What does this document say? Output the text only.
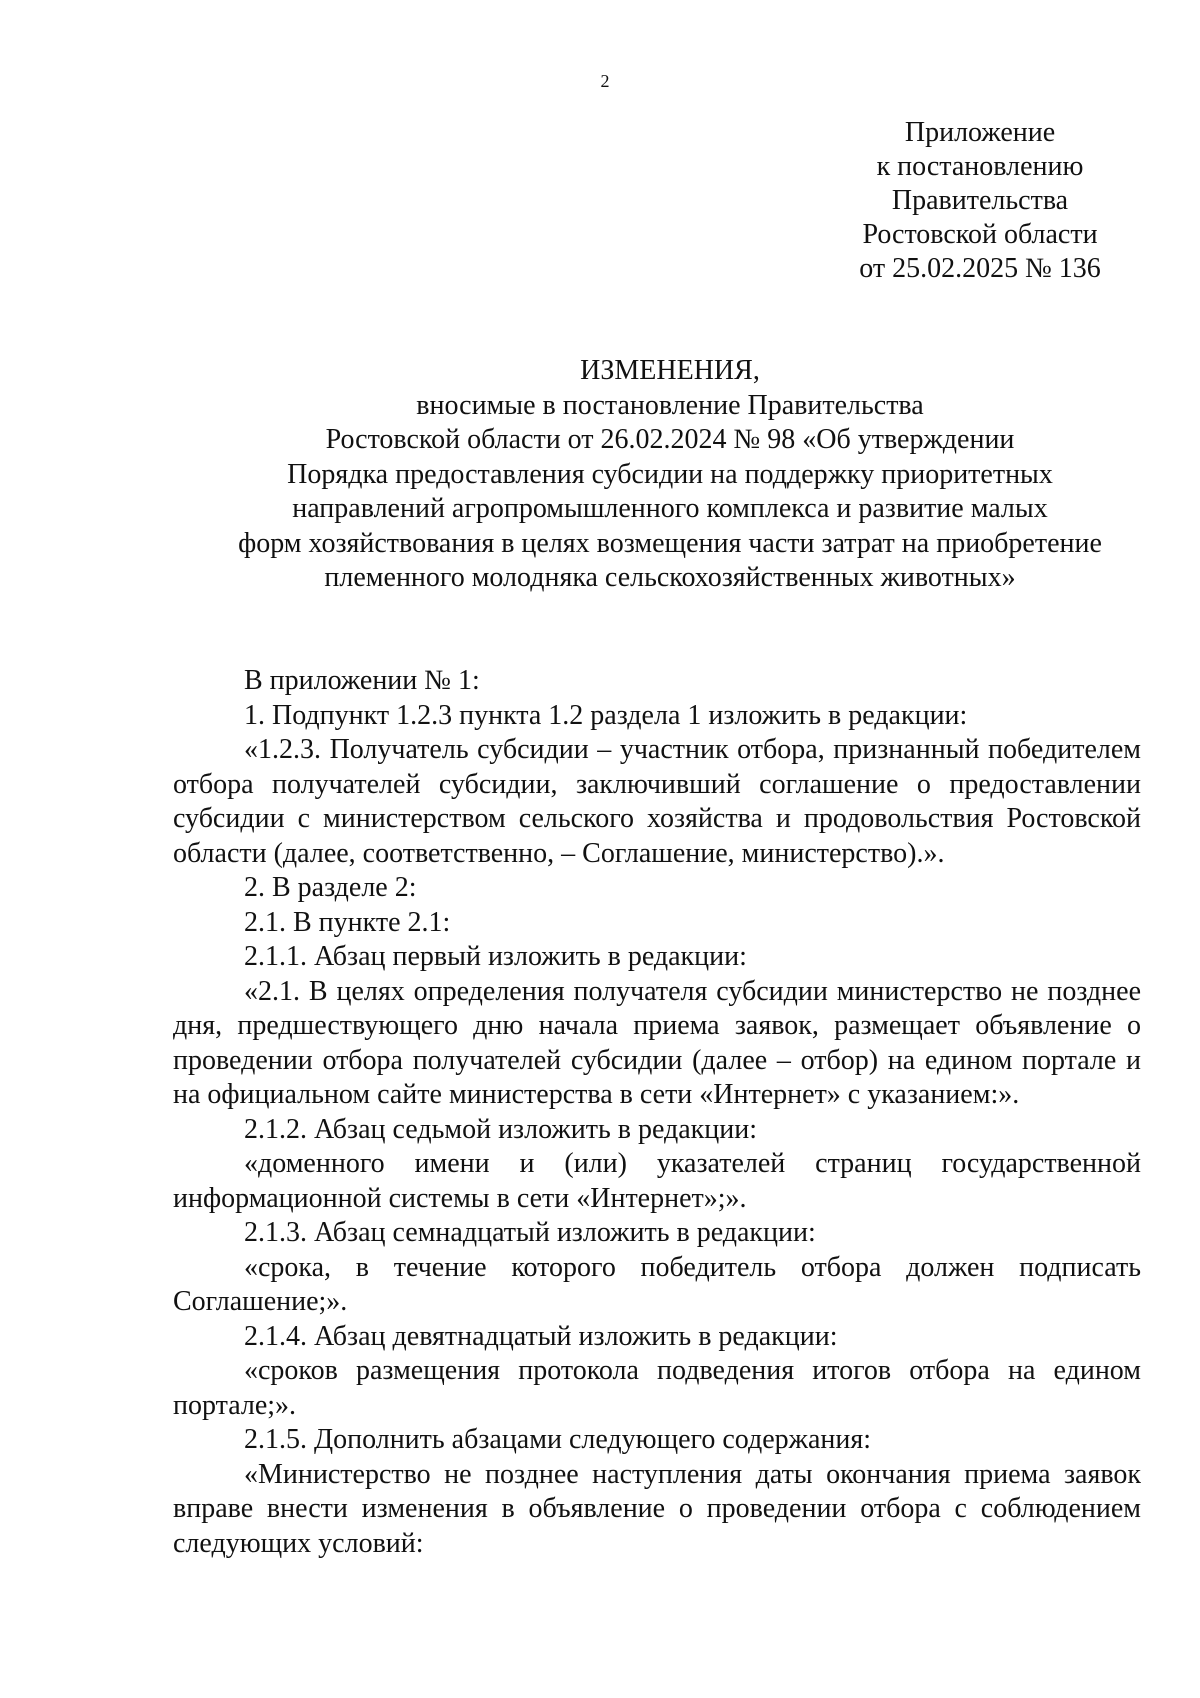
2
Приложение
к постановлению
Правительства
Ростовской области
от 25.02.2025 № 136
ИЗМЕНЕНИЯ,
вносимые в постановление Правительства
Ростовской области от 26.02.2024 № 98 «Об утверждении
Порядка предоставления субсидии на поддержку приоритетных
направлений агропромышленного комплекса и развитие малых
форм хозяйствования в целях возмещения части затрат на приобретение
племенного молодняка сельскохозяйственных животных»

В приложении № 1:

1. Подпункт 1.2.3 пункта 1.2 раздела 1 изложить в редакции:

«1.2.3. Получатель субсидии – участник отбора, признанный победителем отбора получателей субсидии, заключивший соглашение о предоставлении субсидии с министерством сельского хозяйства и продовольствия Ростовской области (далее, соответственно, – Соглашение, министерство).».

2. В разделе 2:

2.1. В пункте 2.1:

2.1.1. Абзац первый изложить в редакции:

«2.1. В целях определения получателя субсидии министерство не позднее дня, предшествующего дню начала приема заявок, размещает объявление о проведении отбора получателей субсидии (далее – отбор) на едином портале и на официальном сайте министерства в сети «Интернет» с указанием:».

2.1.2. Абзац седьмой изложить в редакции:

«доменного имени и (или) указателей страниц государственной информационной системы в сети «Интернет»;».

2.1.3. Абзац семнадцатый изложить в редакции:

«срока, в течение которого победитель отбора должен подписать Соглашение;».

2.1.4. Абзац девятнадцатый изложить в редакции:

«сроков размещения протокола подведения итогов отбора на едином портале;».

2.1.5. Дополнить абзацами следующего содержания:

«Министерство не позднее наступления даты окончания приема заявок вправе внести изменения в объявление о проведении отбора с соблюдением следующих условий:
